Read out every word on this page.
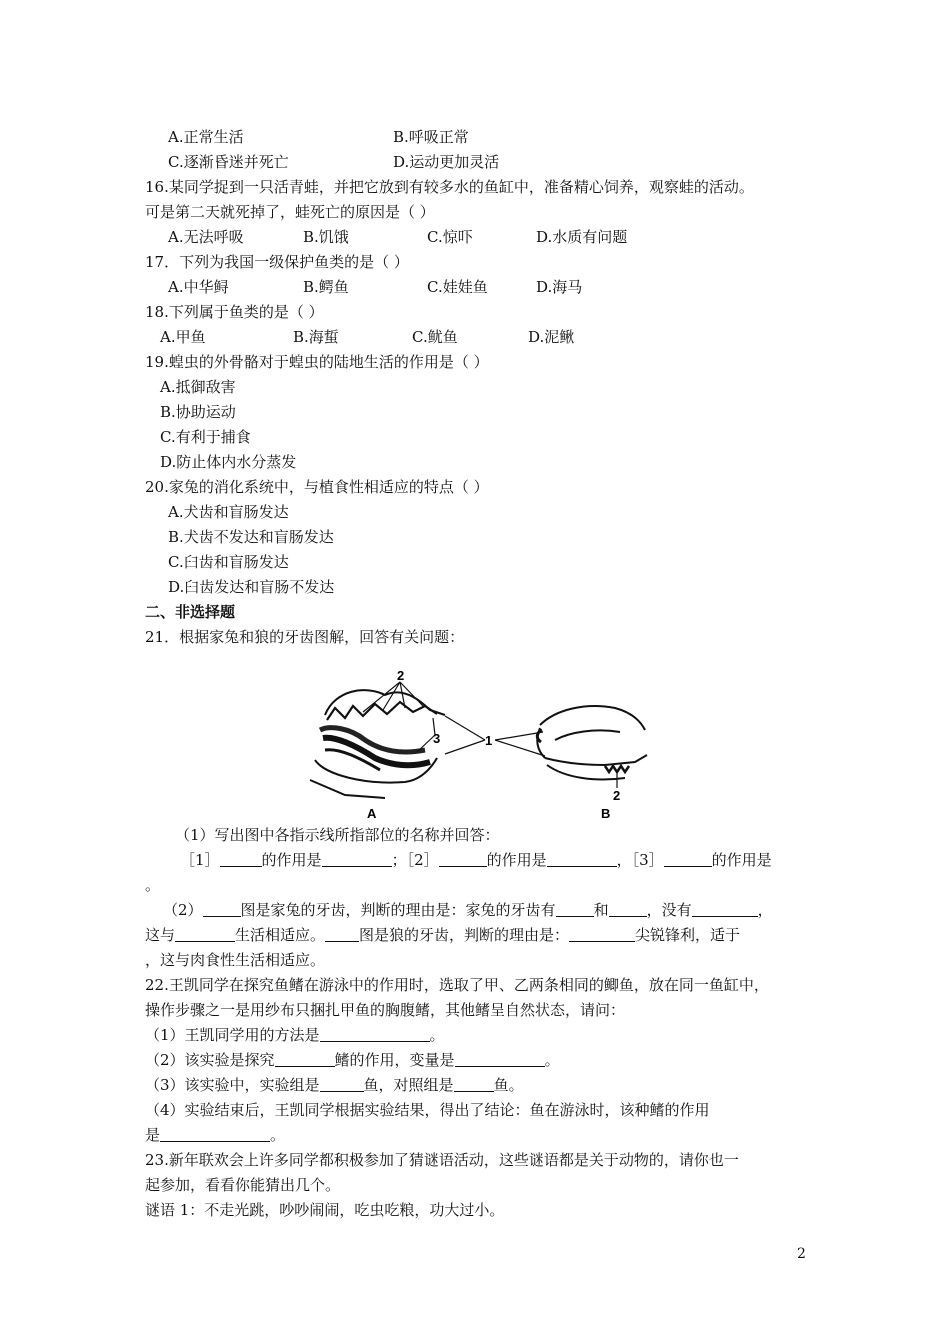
A.正常生活	B.呼吸正常
C.逐渐昏迷并死亡	D.运动更加灵活
16.某同学捉到一只活青蛙，并把它放到有较多水的鱼缸中，准备精心饲养，观察蛙的活动。
可是第二天就死掉了，蛙死亡的原因是（ ）
A.无法呼吸	B.饥饿	C.惊吓	D.水质有问题
17．下列为我国一级保护鱼类的是（ ）
A.中华鲟	B.鳄鱼	C.娃娃鱼	D.海马
18.下列属于鱼类的是（ ）
A.甲鱼	B.海蜇	C.鱿鱼	D.泥鳅
19.蝗虫的外骨骼对于蝗虫的陆地生活的作用是（ ）
A.抵御敌害
B.协助运动
C.有利于捕食
D.防止体内水分蒸发
20.家兔的消化系统中，与植食性相适应的特点（ ）
A.犬齿和盲肠发达
B.犬齿不发达和盲肠发达
C.臼齿和盲肠发达
D.臼齿发达和盲肠不发达
二、非选择题
21．根据家兔和狼的牙齿图解，回答有关问题：
2
3	1
2
A	B
（1）写出图中各指示线所指部位的名称并回答：
［1］	的作用是	；［2］	的作用是	，［3］	的作用是
。
（2）	图是家兔的牙齿，判断的理由是：家兔的牙齿有	和	，没有	，
这与	生活相适应。 图是狼的牙齿，判断的理由是：	尖锐锋利，适于
，这与肉食性生活相适应。
22.王凯同学在探究鱼鳍在游泳中的作用时，选取了甲、乙两条相同的鲫鱼，放在同一鱼缸中，
操作步骤之一是用纱布只捆扎甲鱼的胸腹鳍，其他鳍呈自然状态，请问：
（1）王凯同学用的方法是	。
（2）该实验是探究	鳍的作用，变量是	。
（3）该实验中，实验组是	鱼，对照组是	鱼。
（4）实验结束后，王凯同学根据实验结果，得出了结论：鱼在游泳时，该种鳍的作用
是	。
23.新年联欢会上许多同学都积极参加了猜谜语活动，这些谜语都是关于动物的，请你也一
起参加，看看你能猜出几个。
谜语 1：不走光跳，吵吵闹闹，吃虫吃粮，功大过小。
2
